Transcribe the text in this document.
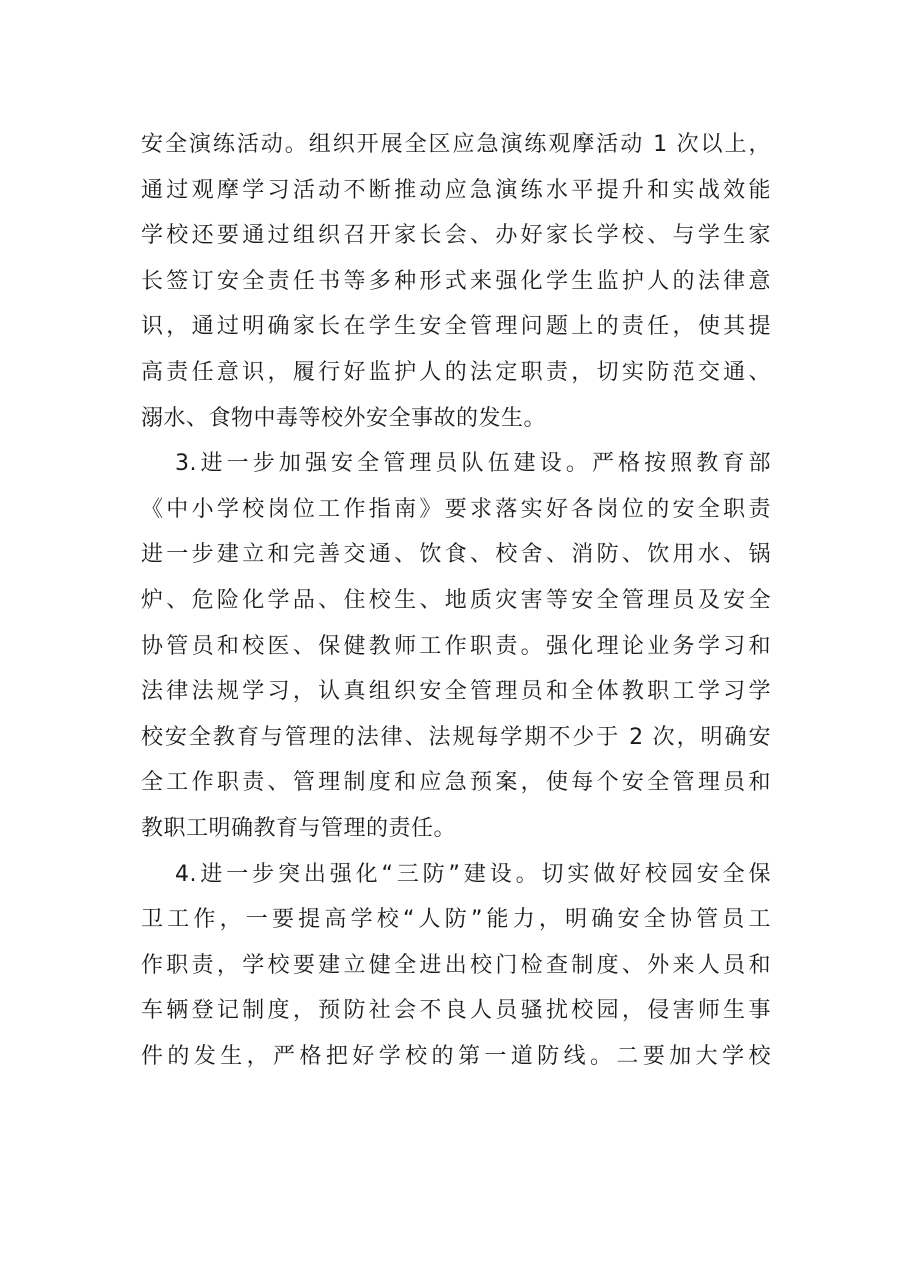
安全演练活动。组织开展全区应急演练观摩活动 1 次以上，
通过观摩学习活动不断推动应急演练水平提升和实战效能
学校还要通过组织召开家长会、办好家长学校、与学生家
长签订安全责任书等多种形式来强化学生监护人的法律意
识，通过明确家长在学生安全管理问题上的责任，使其提
高责任意识，履行好监护人的法定职责，切实防范交通、
溺水、食物中毒等校外安全事故的发生。
3.进一步加强安全管理员队伍建设。严格按照教育部
《中小学校岗位工作指南》要求落实好各岗位的安全职责
进一步建立和完善交通、饮食、校舍、消防、饮用水、锅
炉、危险化学品、住校生、地质灾害等安全管理员及安全
协管员和校医、保健教师工作职责。强化理论业务学习和
法律法规学习，认真组织安全管理员和全体教职工学习学
校安全教育与管理的法律、法规每学期不少于 2 次，明确安
全工作职责、管理制度和应急预案，使每个安全管理员和
教职工明确教育与管理的责任。
4.进一步突出强化“三防”建设。切实做好校园安全保
卫工作，一要提高学校“人防”能力，明确安全协管员工
作职责，学校要建立健全进出校门检查制度、外来人员和
车辆登记制度，预防社会不良人员骚扰校园，侵害师生事
件的发生，严格把好学校的第一道防线。二要加大学校
